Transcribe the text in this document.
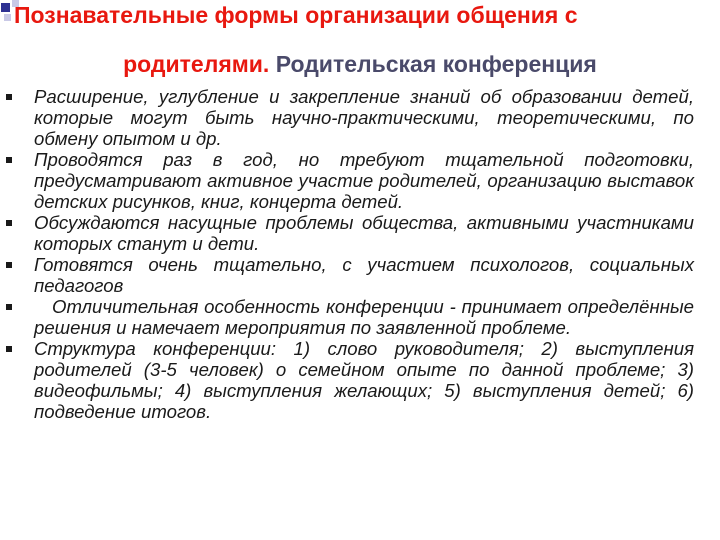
Познавательные формы организации общения с
родителями. Родительская конференция
Расширение, углубление и закрепление знаний об образовании детей, которые могут быть научно-практическими, теоретическими, по обмену опытом и др.
Проводятся раз в год, но требуют тщательной подготовки, предусматривают активное участие родителей, организацию выставок детских рисунков, книг, концерта детей.
Обсуждаются насущные проблемы общества, активными участниками которых станут и дети.
Готовятся очень тщательно, с участием психологов, социальных педагогов
Отличительная особенность конференции - принимает определённые решения и намечает мероприятия по заявленной проблеме.
Структура конференции: 1) слово руководителя; 2) выступления родителей (3-5 человек) о семейном опыте по данной проблеме; 3) видеофильмы; 4) выступления желающих; 5) выступления детей; 6) подведение итогов.
